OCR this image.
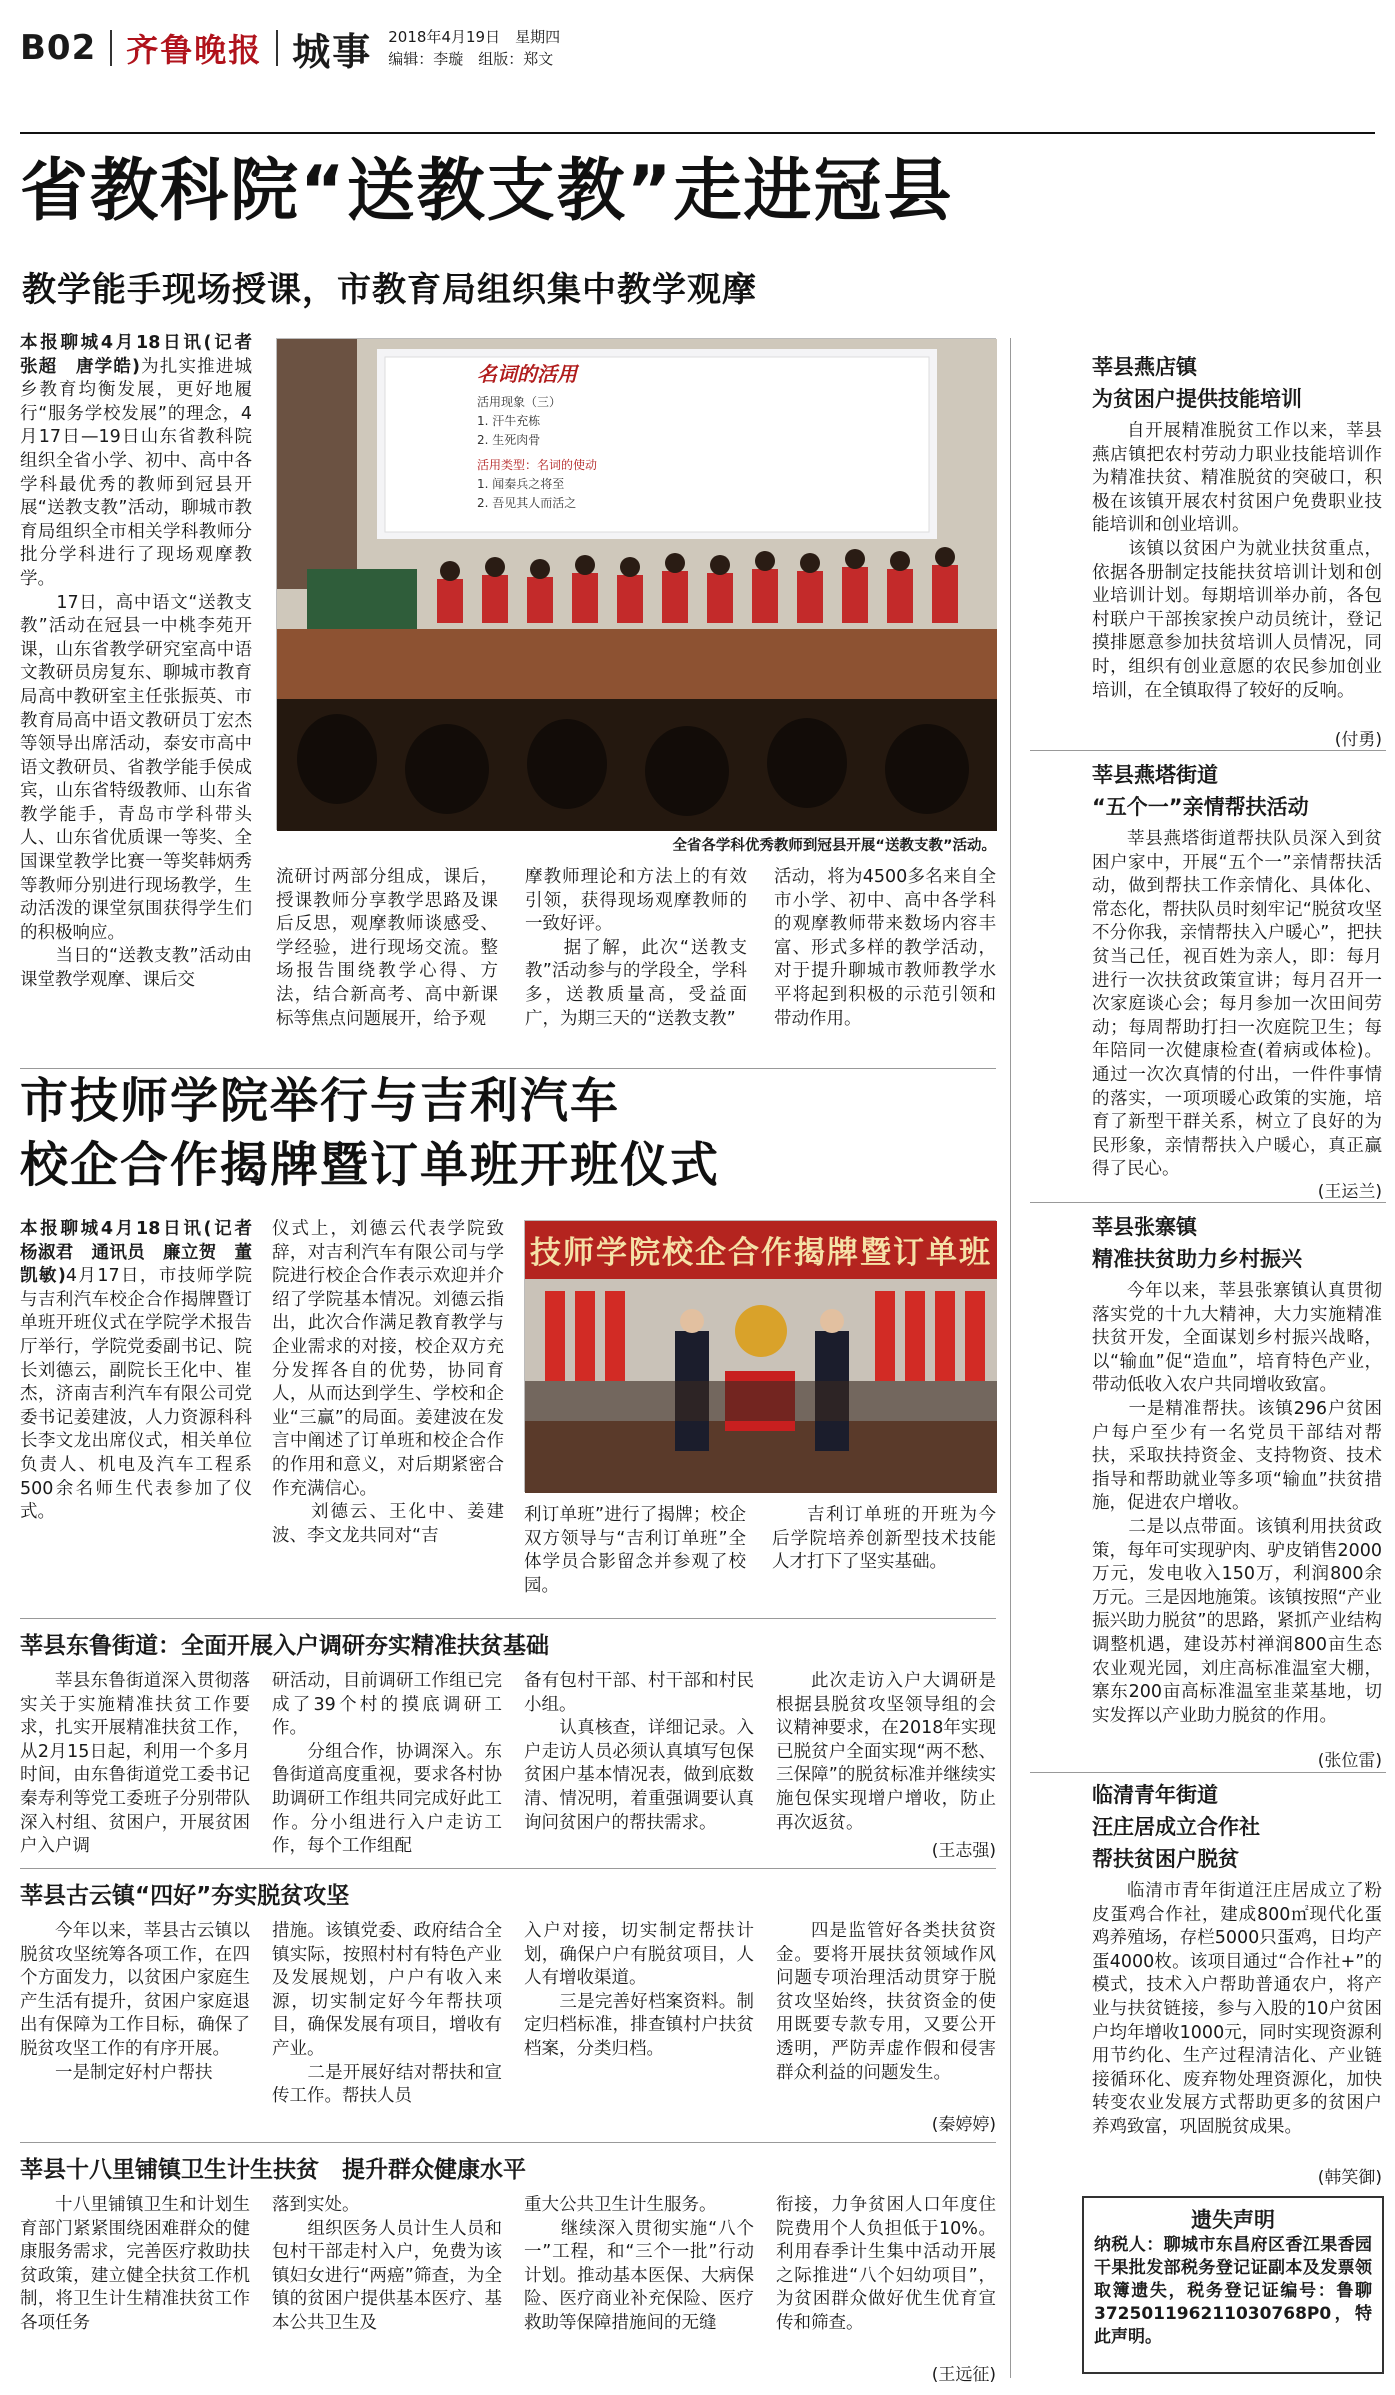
B02 齐鲁晚报 城事 2018年4月19日　星期四
编辑：李璇　组版：郑文
省教科院“送教支教”走进冠县
教学能手现场授课，市教育局组织集中教学观摩
本报聊城4月18日讯(记者　张超　唐学皓)为扎实推进城乡教育均衡发展，更好地履行“服务学校发展”的理念，4月17日—19日山东省教科院组织全省小学、初中、高中各学科最优秀的教师到冠县开展“送教支教”活动，聊城市教育局组织全市相关学科教师分批分学科进行了现场观摩教学。
　　17日，高中语文“送教支教”活动在冠县一中桃李苑开课，山东省教学研究室高中语文教研员房复东、聊城市教育局高中教研室主任张振英、市教育局高中语文教研员丁宏杰等领导出席活动，泰安市高中语文教研员、省教学能手侯成宾，山东省特级教师、山东省教学能手，青岛市学科带头人、山东省优质课一等奖、全国课堂教学比赛一等奖韩炳秀等教师分别进行现场教学，生动活泼的课堂氛围获得学生们的积极响应。
　　当日的“送教支教”活动由课堂教学观摩、课后交
名词的活用
活用现象（三）
1. 汗牛充栋
2. 生死肉骨
活用类型：名词的使动
1. 闻秦兵之将至
2. 吾见其人而活之
全省各学科优秀教师到冠县开展“送教支教”活动。
流研讨两部分组成，课后，授课教师分享教学思路及课后反思，观摩教师谈感受、学经验，进行现场交流。整场报告围绕教学心得、方法，结合新高考、高中新课标等焦点问题展开，给予观
摩教师理论和方法上的有效引领，获得现场观摩教师的一致好评。
　　据了解，此次“送教支教”活动参与的学段全，学科多，送教质量高，受益面广，为期三天的“送教支教”
活动，将为4500多名来自全市小学、初中、高中各学科的观摩教师带来数场内容丰富、形式多样的教学活动，对于提升聊城市教师教学水平将起到积极的示范引领和带动作用。
市技师学院举行与吉利汽车
校企合作揭牌暨订单班开班仪式
本报聊城4月18日讯(记者　杨淑君　通讯员　廉立贺　董凯敏)4月17日，市技师学院与吉利汽车校企合作揭牌暨订单班开班仪式在学院学术报告厅举行，学院党委副书记、院长刘德云，副院长王化中、崔杰，济南吉利汽车有限公司党委书记姜建波，人力资源科科长李文龙出席仪式，相关单位负责人、机电及汽车工程系500余名师生代表参加了仪式。
仪式上，刘德云代表学院致辞，对吉利汽车有限公司与学院进行校企合作表示欢迎并介绍了学院基本情况。刘德云指出，此次合作满足教育教学与企业需求的对接，校企双方充分发挥各自的优势，协同育人，从而达到学生、学校和企业“三赢”的局面。姜建波在发言中阐述了订单班和校企合作的作用和意义，对后期紧密合作充满信心。
　　刘德云、王化中、姜建波、李文龙共同对“吉
技师学院校企合作揭牌暨订单班
利订单班”进行了揭牌；校企双方领导与“吉利订单班”全体学员合影留念并参观了校园。
吉利订单班的开班为今后学院培养创新型技术技能人才打下了坚实基础。
莘县东鲁街道：全面开展入户调研夯实精准扶贫基础
莘县东鲁街道深入贯彻落实关于实施精准扶贫工作要求，扎实开展精准扶贫工作，从2月15日起，利用一个多月时间，由东鲁街道党工委书记秦寿利等党工委班子分别带队深入村组、贫困户，开展贫困户入户调
研活动，目前调研工作组已完成了39个村的摸底调研工作。
　　分组合作，协调深入。东鲁街道高度重视，要求各村协助调研工作组共同完成好此工作。分小组进行入户走访工作，每个工作组配
备有包村干部、村干部和村民小组。
　　认真核查，详细记录。入户走访人员必须认真填写包保贫困户基本情况表，做到底数清、情况明，着重强调要认真询问贫困户的帮扶需求。
此次走访入户大调研是根据县脱贫攻坚领导组的会议精神要求，在2018年实现已脱贫户全面实现“两不愁、三保障”的脱贫标准并继续实施包保实现增户增收，防止再次返贫。
(王志强)
莘县古云镇“四好”夯实脱贫攻坚
今年以来，莘县古云镇以脱贫攻坚统筹各项工作，在四个方面发力，以贫困户家庭生产生活有提升，贫困户家庭退出有保障为工作目标，确保了脱贫攻坚工作的有序开展。
　　一是制定好村户帮扶
措施。该镇党委、政府结合全镇实际，按照村村有特色产业及发展规划，户户有收入来源，切实制定好今年帮扶项目，确保发展有项目，增收有产业。
　　二是开展好结对帮扶和宣传工作。帮扶人员
入户对接，切实制定帮扶计划，确保户户有脱贫项目，人人有增收渠道。
　　三是完善好档案资料。制定归档标准，排查镇村户扶贫档案，分类归档。
四是监管好各类扶贫资金。要将开展扶贫领域作风问题专项治理活动贯穿于脱贫攻坚始终，扶贫资金的使用既要专款专用，又要公开透明，严防弄虚作假和侵害群众利益的问题发生。
(秦婷婷)
莘县十八里铺镇卫生计生扶贫　提升群众健康水平
十八里铺镇卫生和计划生育部门紧紧围绕困难群众的健康服务需求，完善医疗救助扶贫政策，建立健全扶贫工作机制，将卫生计生精准扶贫工作各项任务
落到实处。
　　组织医务人员计生人员和包村干部走村入户，免费为该镇妇女进行“两癌”筛查，为全镇的贫困户提供基本医疗、基本公共卫生及
重大公共卫生计生服务。
　　继续深入贯彻实施“八个一”工程，和“三个一批”行动计划。推动基本医保、大病保险、医疗商业补充保险、医疗救助等保障措施间的无缝
衔接，力争贫困人口年度住院费用个人负担低于10%。利用春季计生集中活动开展之际推进“八个妇幼项目”，为贫困群众做好优生优育宣传和筛查。
(王远征)
莘县燕店镇
为贫困户提供技能培训
自开展精准脱贫工作以来，莘县燕店镇把农村劳动力职业技能培训作为精准扶贫、精准脱贫的突破口，积极在该镇开展农村贫困户免费职业技能培训和创业培训。
　　该镇以贫困户为就业扶贫重点，依据各册制定技能扶贫培训计划和创业培训计划。每期培训举办前，各包村联户干部挨家挨户动员统计，登记摸排愿意参加扶贫培训人员情况，同时，组织有创业意愿的农民参加创业培训，在全镇取得了较好的反响。
(付勇)
莘县燕塔街道
“五个一”亲情帮扶活动
莘县燕塔街道帮扶队员深入到贫困户家中，开展“五个一”亲情帮扶活动，做到帮扶工作亲情化、具体化、常态化，帮扶队员时刻牢记“脱贫攻坚不分你我，亲情帮扶入户暖心”，把扶贫当己任，视百姓为亲人，即：每月进行一次扶贫政策宣讲；每月召开一次家庭谈心会；每月参加一次田间劳动；每周帮助打扫一次庭院卫生；每年陪同一次健康检查(着病或体检)。通过一次次真情的付出，一件件事情的落实，一项项暖心政策的实施，培育了新型干群关系，树立了良好的为民形象，亲情帮扶入户暖心，真正赢得了民心。
(王运兰)
莘县张寨镇
精准扶贫助力乡村振兴
今年以来，莘县张寨镇认真贯彻落实党的十九大精神，大力实施精准扶贫开发，全面谋划乡村振兴战略，以“输血”促“造血”，培育特色产业，带动低收入农户共同增收致富。
　　一是精准帮扶。该镇296户贫困户每户至少有一名党员干部结对帮扶，采取扶持资金、支持物资、技术指导和帮助就业等多项“输血”扶贫措施，促进农户增收。
　　二是以点带面。该镇利用扶贫政策，每年可实现驴肉、驴皮销售2000万元，发电收入150万，利润800余万元。三是因地施策。该镇按照“产业振兴助力脱贫”的思路，紧抓产业结构调整机遇，建设苏村禅润800亩生态农业观光园，刘庄高标准温室大棚，寨东200亩高标准温室韭菜基地，切实发挥以产业助力脱贫的作用。
(张位雷)
临清青年街道
汪庄居成立合作社
帮扶贫困户脱贫
临清市青年街道汪庄居成立了粉皮蛋鸡合作社，建成800㎡现代化蛋鸡养殖场，存栏5000只蛋鸡，日均产蛋4000枚。该项目通过“合作社+”的模式，技术入户帮助普通农户，将产业与扶贫链接，参与入股的10户贫困户均年增收1000元，同时实现资源利用节约化、生产过程清洁化、产业链接循环化、废弃物处理资源化，加快转变农业发展方式帮助更多的贫困户养鸡致富，巩固脱贫成果。
(韩笑御)
遗失声明
纳税人：聊城市东昌府区香江果香园干果批发部税务登记证副本及发票领取簿遗失，税务登记证编号：鲁聊372501196211030768P0，特此声明。
